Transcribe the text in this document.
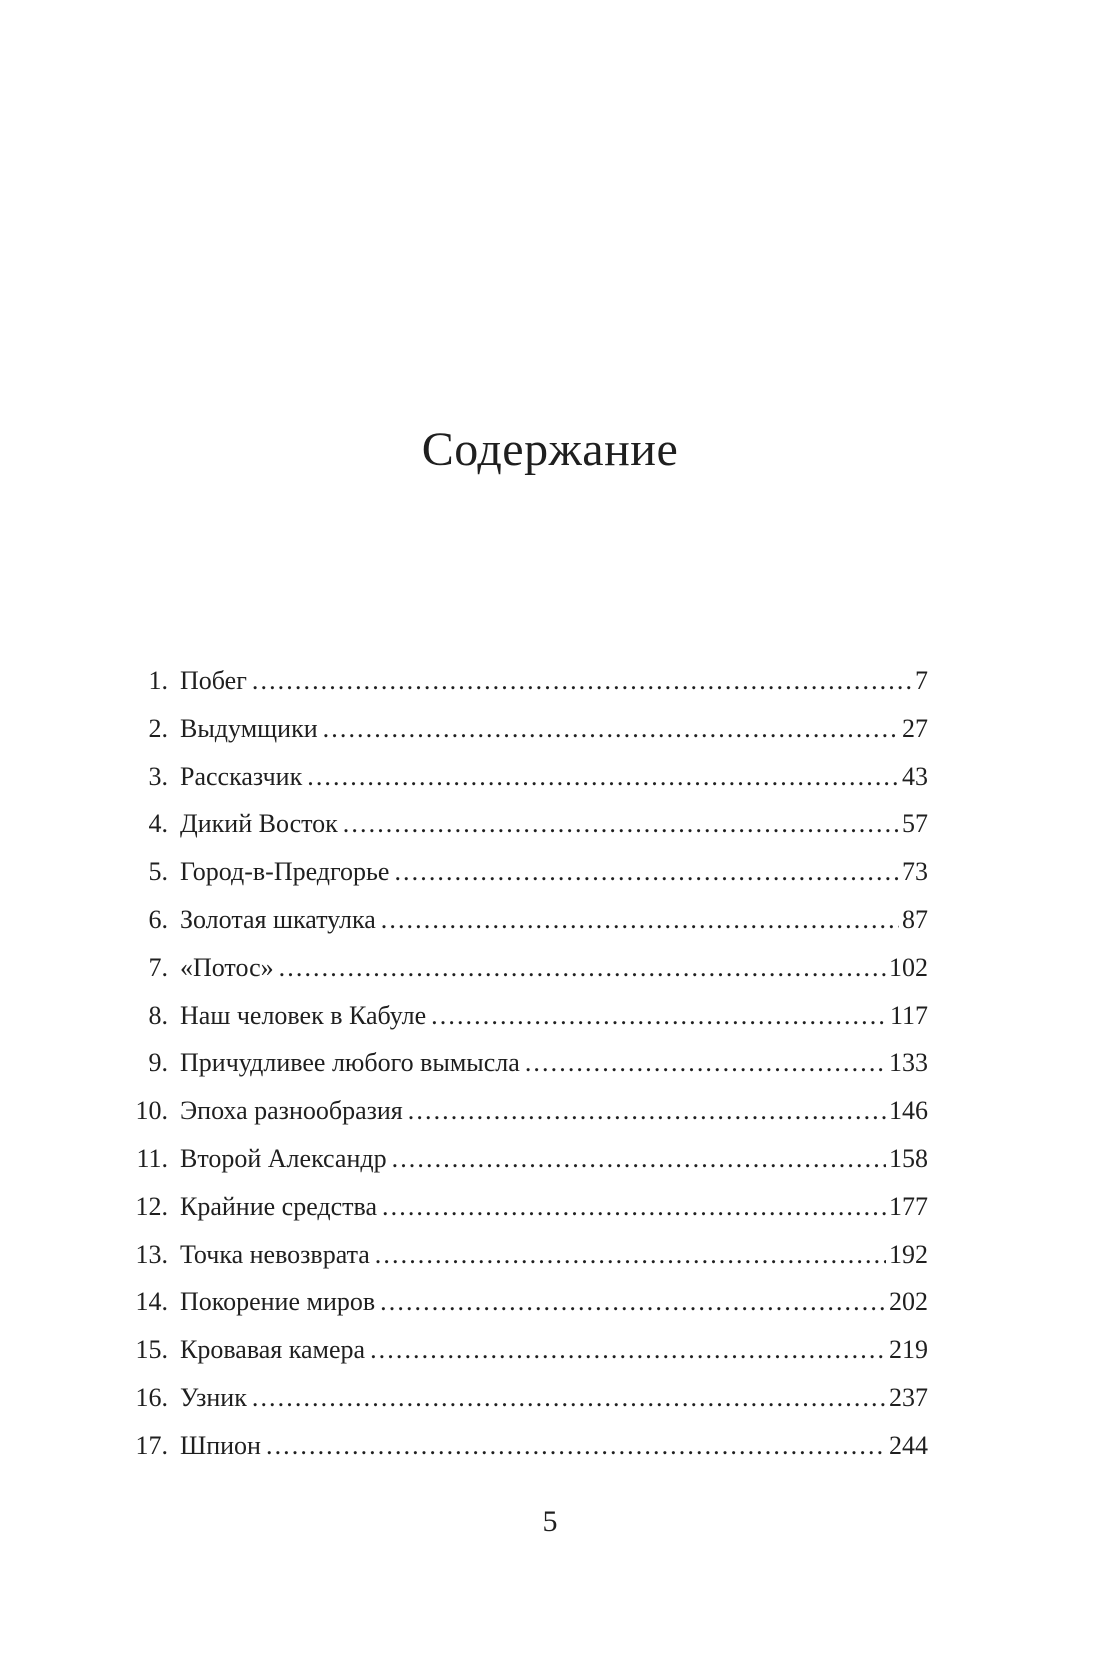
Содержание
1. Побег .....	7
2. Выдумщики .....	27
3. Рассказчик .....	43
4. Дикий Восток .....	57
5. Город-в-Предгорье .....	73
6. Золотая шкатулка .....	87
7. «Потос» .....	102
8. Наш человек в Кабуле .....	117
9. Причудливее любого вымысла .....	133
10. Эпоха разнообразия .....	146
11. Второй Александр .....	158
12. Крайние средства .....	177
13. Точка невозврата .....	192
14. Покорение миров .....	202
15. Кровавая камера .....	219
16. Узник .....	237
17. Шпион .....	244

5
